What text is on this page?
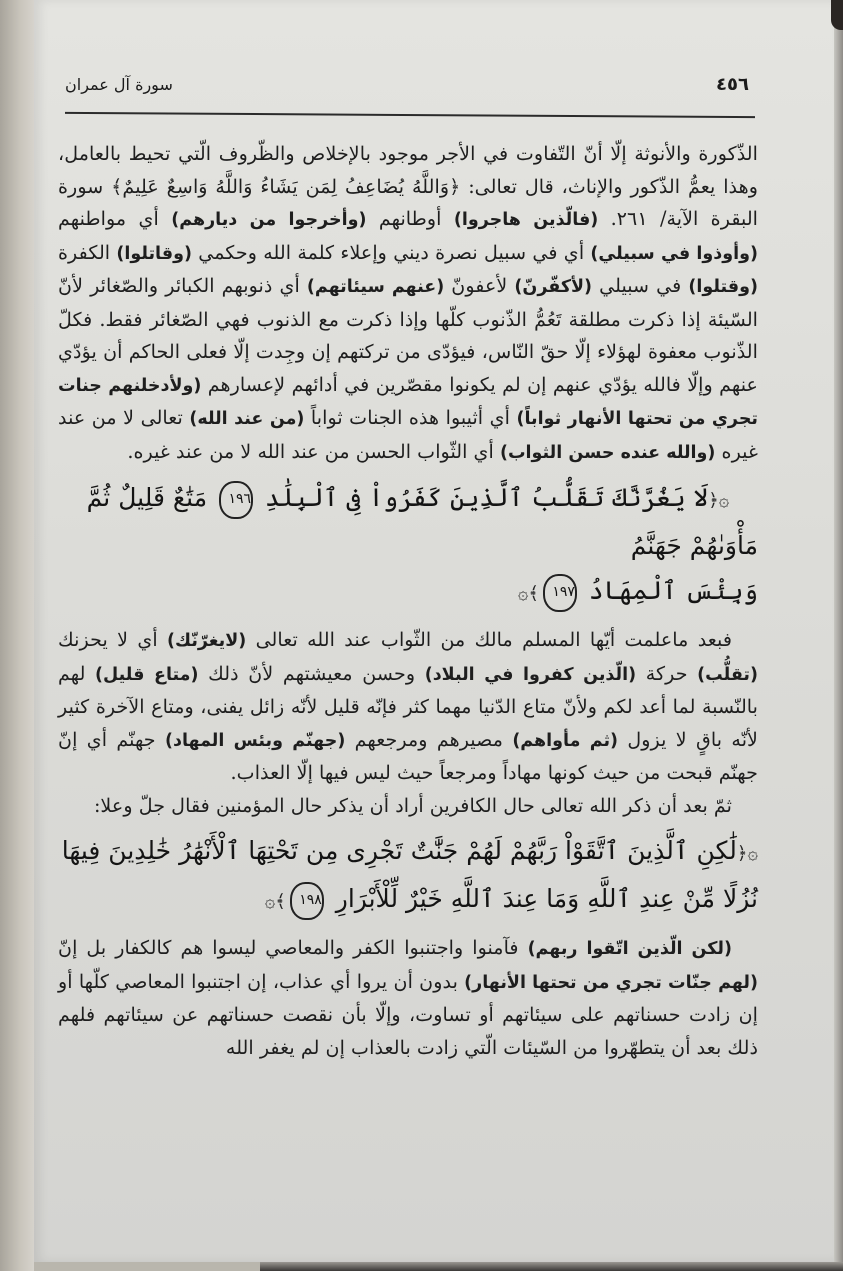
٤٥٦
سورة آل عمران

الذّكورة والأنوثة إلّا أنّ التّفاوت في الأجر موجود بالإخلاص والظّروف الّتي تحيط بالعامل، وهذا يعمُّ الذّكور والإناث، قال تعالى: ﴿وَاللَّهُ يُضَاعِفُ لِمَن يَشَاءُ وَاللَّهُ وَاسِعٌ عَلِيمٌ﴾ سورة البقرة الآية/ ٢٦١. (فالّذين هاجروا) أوطانهم (وأخرجوا من ديارهم) أي مواطنهم (وأوذوا في سبيلي) أي في سبيل نصرة ديني وإعلاء كلمة الله وحكمي (وقاتلوا) الكفرة (وقتلوا) في سبيلي (لأكفّرنّ) لأعفونّ (عنهم سيئاتهم) أي ذنوبهم الكبائر والصّغائر لأنّ السّيئة إذا ذكرت مطلقة تَعُمُّ الذّنوب كلّها وإذا ذكرت مع الذنوب فهي الصّغائر فقط. فكلّ الذّنوب معفوة لهؤلاء إلّا حقّ النّاس، فيؤدّى من تركتهم إن وجِدت إلّا فعلى الحاكم أن يؤدّي عنهم وإلّا فالله يؤدّي عنهم إن لم يكونوا مقصّرين في أدائهم لإعسارهم (ولأدخلنهم جنات تجري من تحتها الأنهار ثواباً) أي أثيبوا هذه الجنات ثواباً (من عند الله) تعالى لا من عند غيره (والله عنده حسن الثواب) أي الثّواب الحسن من عند الله لا من عند غيره.

۞﴿لَا يَغُرَّنَّكَ تَقَلُّبُ ٱلَّذِينَ كَفَرُواْ فِى ٱلْبِلَٰدِ ١٩٦ مَتَٰعٌ قَلِيلٌ ثُمَّ مَأْوَىٰهُمْ جَهَنَّمُ
وَبِئْسَ ٱلْمِهَادُ ١٩٧﴾۞

فبعد ماعلمت أيّها المسلم مالك من الثّواب عند الله تعالى (لايغرّنّك) أي لا يحزنك (تقلُّب) حركة (الّذين كفروا في البلاد) وحسن معيشتهم لأنّ ذلك (متاع قليل) لهم بالنّسبة لما أعد لكم ولأنّ متاع الدّنيا مهما كثر فإنّه قليل لأنّه زائل يفنى، ومتاع الآخرة كثير لأنّه باقٍ لا يزول (ثم مأواهم) مصيرهم ومرجعهم (جهنّم وبئس المهاد) جهنّم أي إنّ جهنّم قبحت من حيث كونها مهاداً ومرجعاً حيث ليس فيها إلّا العذاب.

ثمّ بعد أن ذكر الله تعالى حال الكافرين أراد أن يذكر حال المؤمنين فقال جلّ وعلا:

۞﴿لَٰكِنِ ٱلَّذِينَ ٱتَّقَوْاْ رَبَّهُمْ لَهُمْ جَنَّٰتٌ تَجْرِى مِن تَحْتِهَا ٱلْأَنْهَٰرُ خَٰلِدِينَ فِيهَا
نُزُلًا مِّنْ عِندِ ٱللَّهِ وَمَا عِندَ ٱللَّهِ خَيْرٌ لِّلْأَبْرَارِ ١٩٨﴾۞

(لكن الّذين اتّقوا ربهم) فآمنوا واجتنبوا الكفر والمعاصي ليسوا هم كالكفار بل إنّ (لهم جنّات تجري من تحتها الأنهار) بدون أن يروا أي عذاب، إن اجتنبوا المعاصي كلّها أو إن زادت حسناتهم على سيئاتهم أو تساوت، وإلّا بأن نقصت حسناتهم عن سيئاتهم فلهم ذلك بعد أن يتطهّروا من السّيئات الّتي زادت بالعذاب إن لم يغفر الله
